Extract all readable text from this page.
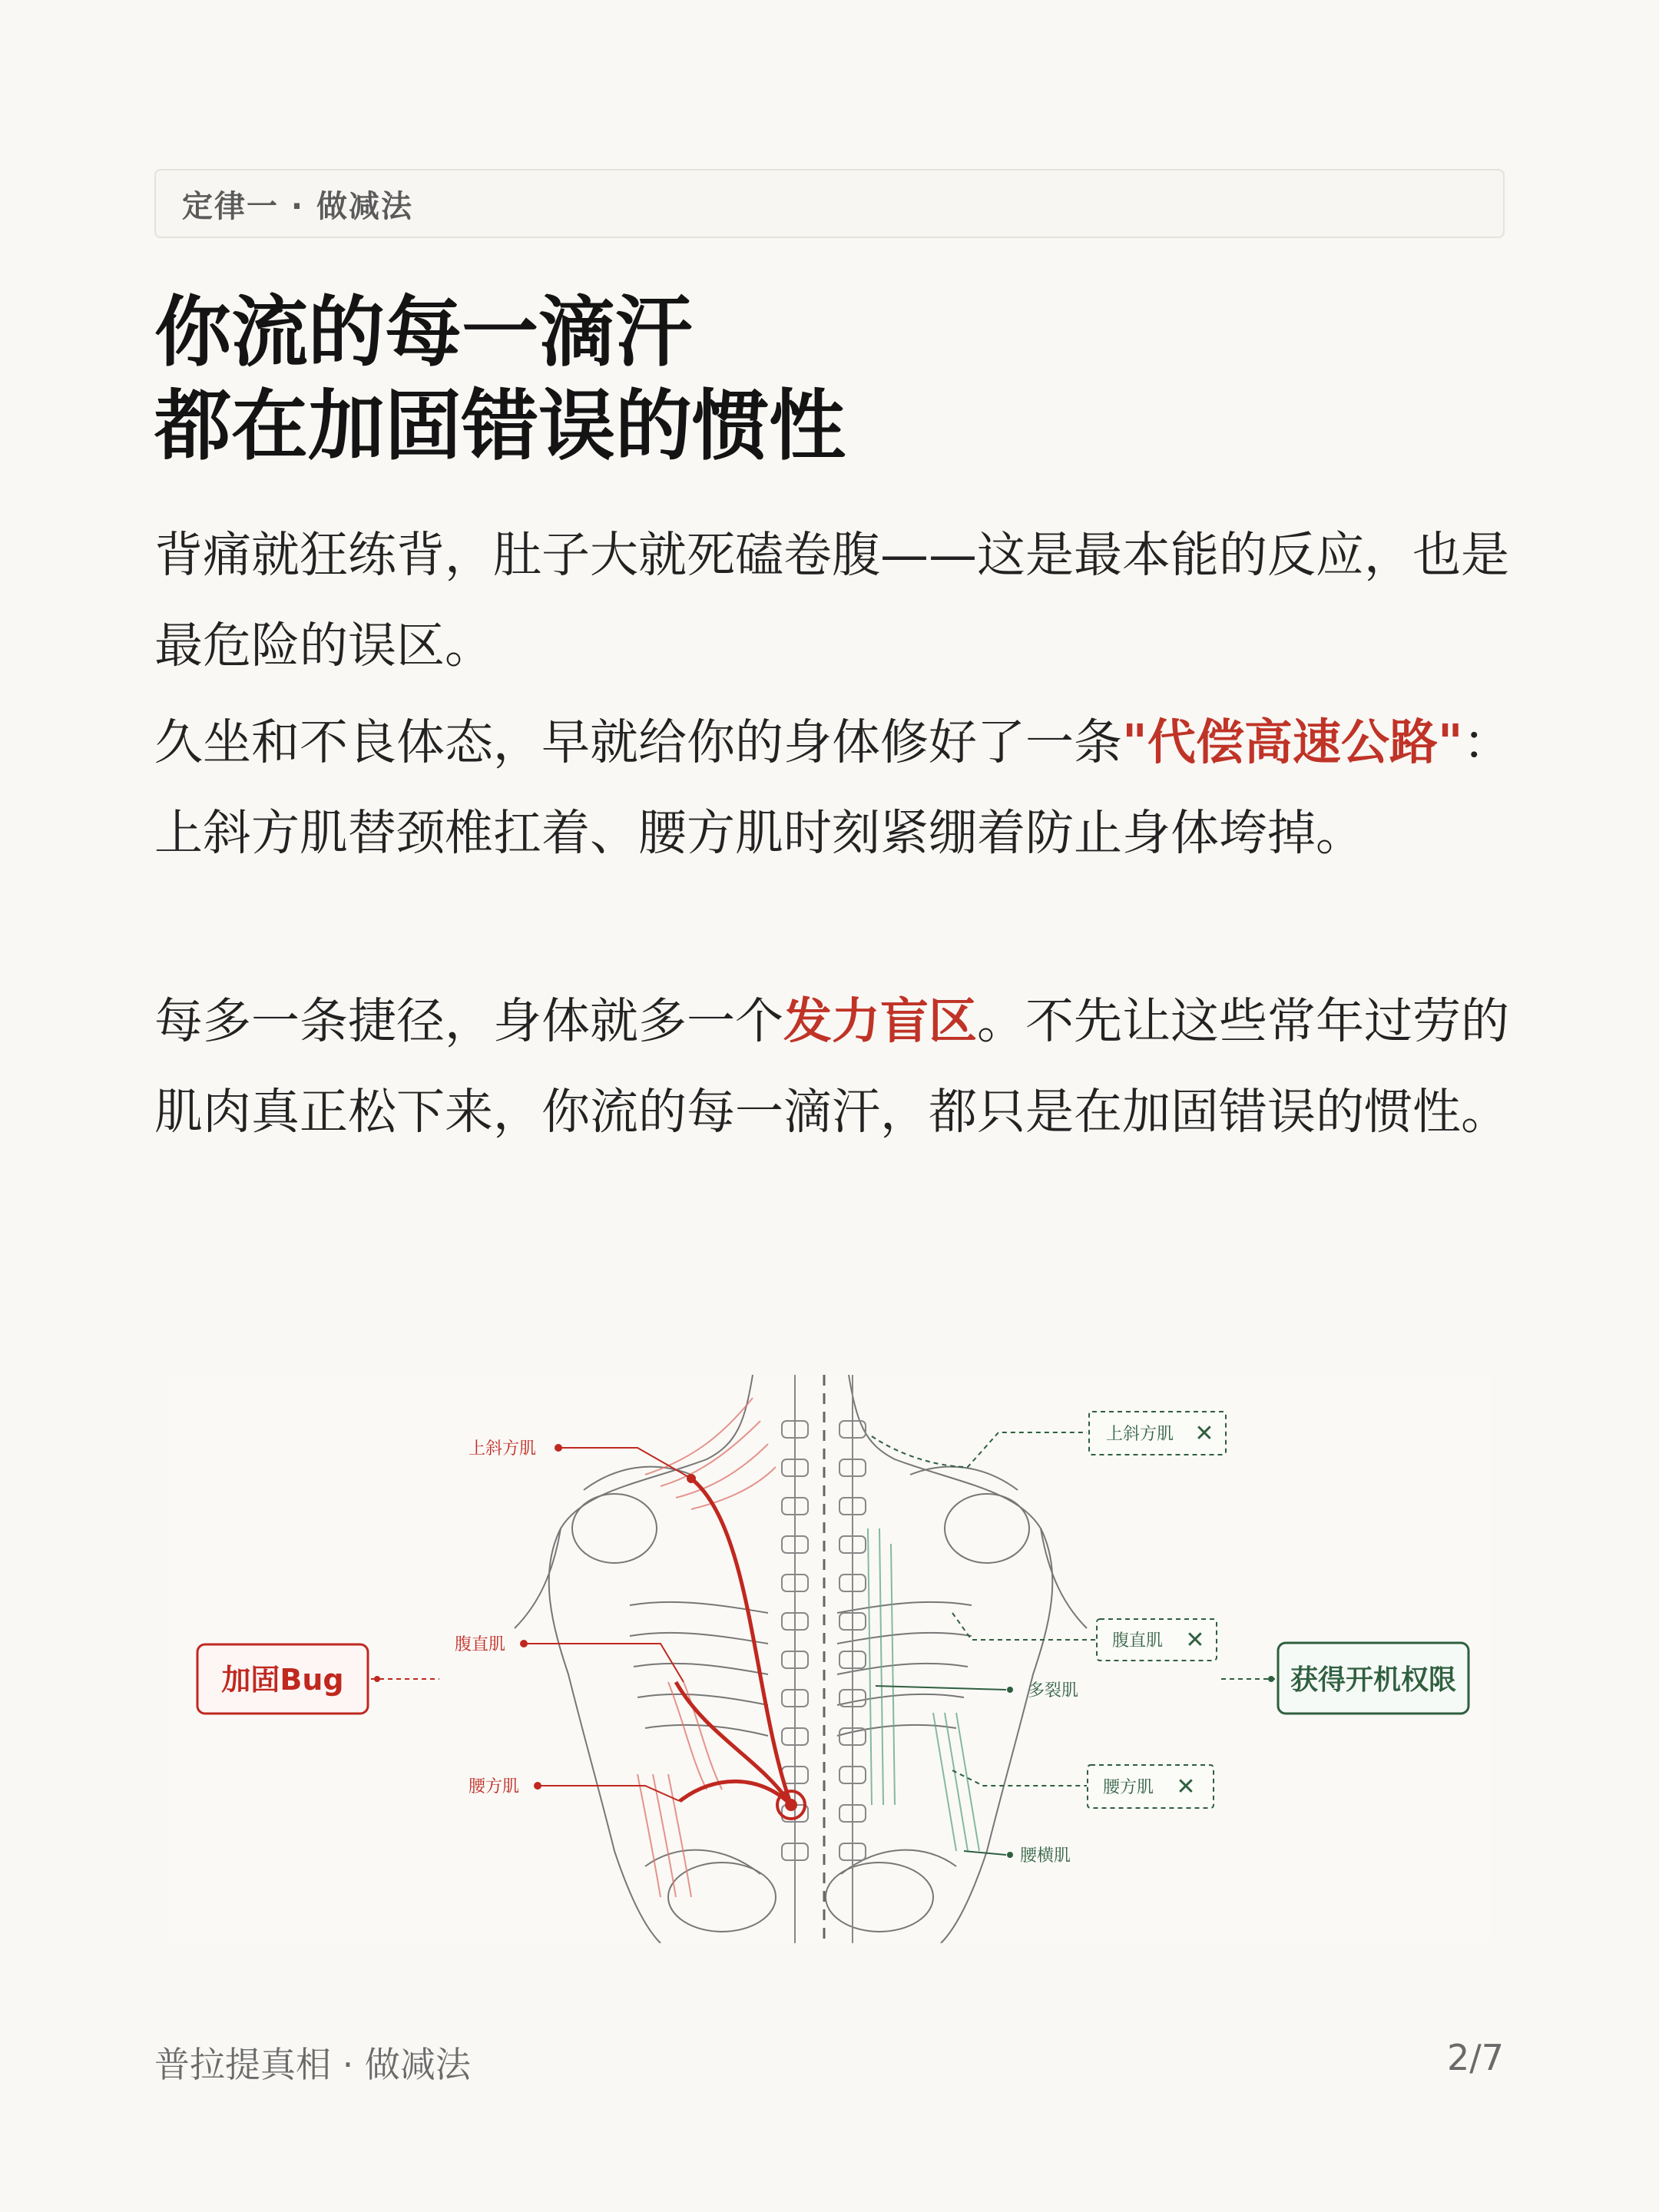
定律一 · 做减法
你流的每一滴汗
都在加固错误的惯性

背痛就狂练背，肚子大就死磕卷腹——这是最本能的反应，也是最危险的误区。

久坐和不良体态，早就给你的身体修好了一条"代偿高速公路"：上斜方肌替颈椎扛着、腰方肌时刻紧绷着防止身体垮掉。

每多一条捷径，身体就多一个发力盲区。不先让这些常年过劳的肌肉真正松下来，你流的每一滴汗，都只是在加固错误的惯性。

上斜方肌
腹直肌
腰方肌
加固Bug	多裂肌
腰横肌
上斜方肌 ✕
腹直肌 ✕
腰方肌 ✕
获得开机权限
普拉提真相 · 做减法	2/7
